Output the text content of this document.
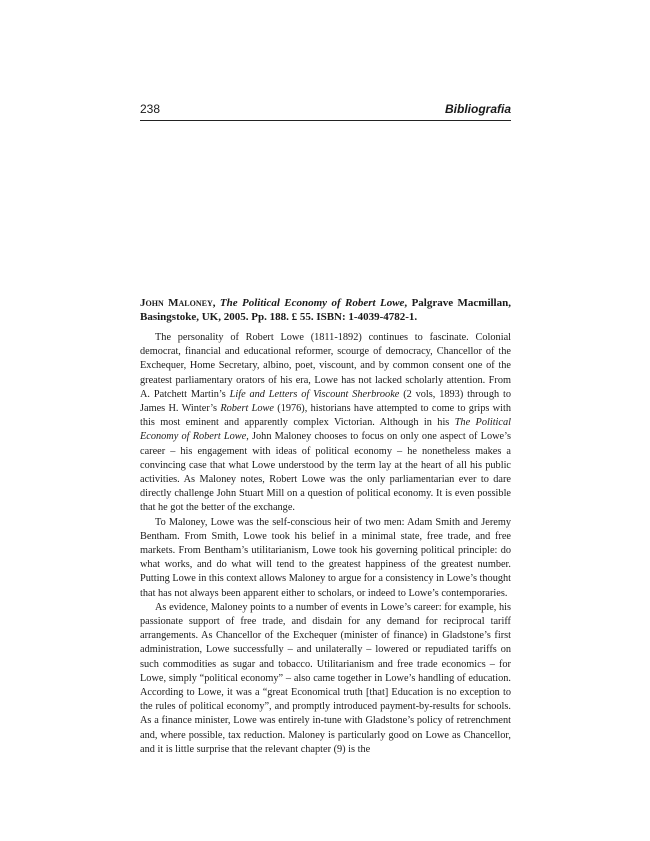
238	Bibliografia
John Maloney, The Political Economy of Robert Lowe, Palgrave Macmillan, Basingstoke, UK, 2005. Pp. 188. £ 55. ISBN: 1-4039-4782-1.

The personality of Robert Lowe (1811-1892) continues to fascinate. Colonial democrat, financial and educational reformer, scourge of democracy, Chancellor of the Exchequer, Home Secretary, albino, poet, viscount, and by common consent one of the greatest parliamentary orators of his era, Lowe has not lacked scholarly attention. From A. Patchett Martin’s Life and Letters of Viscount Sherbrooke (2 vols, 1893) through to James H. Winter’s Robert Lowe (1976), historians have attempted to come to grips with this most eminent and apparently complex Victorian. Although in his The Political Economy of Robert Lowe, John Maloney chooses to focus on only one aspect of Lowe’s career – his engagement with ideas of political economy – he nonetheless makes a convincing case that what Lowe understood by the term lay at the heart of all his public activities. As Maloney notes, Robert Lowe was the only parliamentarian ever to dare directly challenge John Stuart Mill on a question of political economy. It is even possible that he got the better of the exchange.

To Maloney, Lowe was the self-conscious heir of two men: Adam Smith and Jeremy Bentham. From Smith, Lowe took his belief in a minimal state, free trade, and free markets. From Bentham’s utilitarianism, Lowe took his governing political principle: do what works, and do what will tend to the greatest happiness of the greatest number. Putting Lowe in this context allows Maloney to argue for a consistency in Lowe’s thought that has not always been apparent either to scholars, or indeed to Lowe’s contemporaries.

As evidence, Maloney points to a number of events in Lowe’s career: for example, his passionate support of free trade, and disdain for any demand for reciprocal tariff arrangements. As Chancellor of the Exchequer (minister of finance) in Gladstone’s first administration, Lowe successfully – and unilaterally – lowered or repudiated tariffs on such commodities as sugar and tobacco. Utilitarianism and free trade economics – for Lowe, simply “political economy” – also came together in Lowe’s handling of education. According to Lowe, it was a “great Economical truth [that] Education is no exception to the rules of political economy”, and promptly introduced payment-by-results for schools. As a finance minister, Lowe was entirely in-tune with Gladstone’s policy of retrenchment and, where possible, tax reduction. Maloney is particularly good on Lowe as Chancellor, and it is little surprise that the relevant chapter (9) is the
